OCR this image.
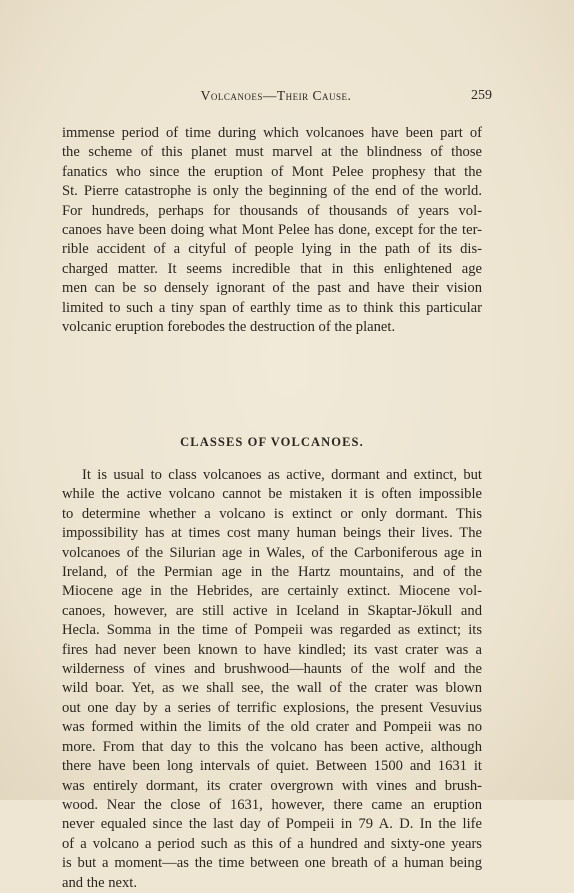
Volcanoes—Their Cause.	259
immense period of time during which volcanoes have been part of
the scheme of this planet must marvel at the blindness of those
fanatics who since the eruption of Mont Pelee prophesy that the
St. Pierre catastrophe is only the beginning of the end of the world.
For hundreds, perhaps for thousands of thousands of years vol-
canoes have been doing what Mont Pelee has done, except for the ter-
rible accident of a cityful of people lying in the path of its dis-
charged matter. It seems incredible that in this enlightened age
men can be so densely ignorant of the past and have their vision
limited to such a tiny span of earthly time as to think this particular
volcanic eruption forebodes the destruction of the planet.
CLASSES OF VOLCANOES.
It is usual to class volcanoes as active, dormant and extinct, but
while the active volcano cannot be mistaken it is often impossible
to determine whether a volcano is extinct or only dormant. This
impossibility has at times cost many human beings their lives. The
volcanoes of the Silurian age in Wales, of the Carboniferous age in
Ireland, of the Permian age in the Hartz mountains, and of the
Miocene age in the Hebrides, are certainly extinct. Miocene vol-
canoes, however, are still active in Iceland in Skaptar-Jökull and
Hecla. Somma in the time of Pompeii was regarded as extinct; its
fires had never been known to have kindled; its vast crater was a
wilderness of vines and brushwood—haunts of the wolf and the
wild boar. Yet, as we shall see, the wall of the crater was blown
out one day by a series of terrific explosions, the present Vesuvius
was formed within the limits of the old crater and Pompeii was no
more. From that day to this the volcano has been active, although
there have been long intervals of quiet. Between 1500 and 1631 it
was entirely dormant, its crater overgrown with vines and brush-
wood. Near the close of 1631, however, there came an eruption
never equaled since the last day of Pompeii in 79 A. D. In the life
of a volcano a period such as this of a hundred and sixty-one years
is but a moment—as the time between one breath of a human being
and the next.
